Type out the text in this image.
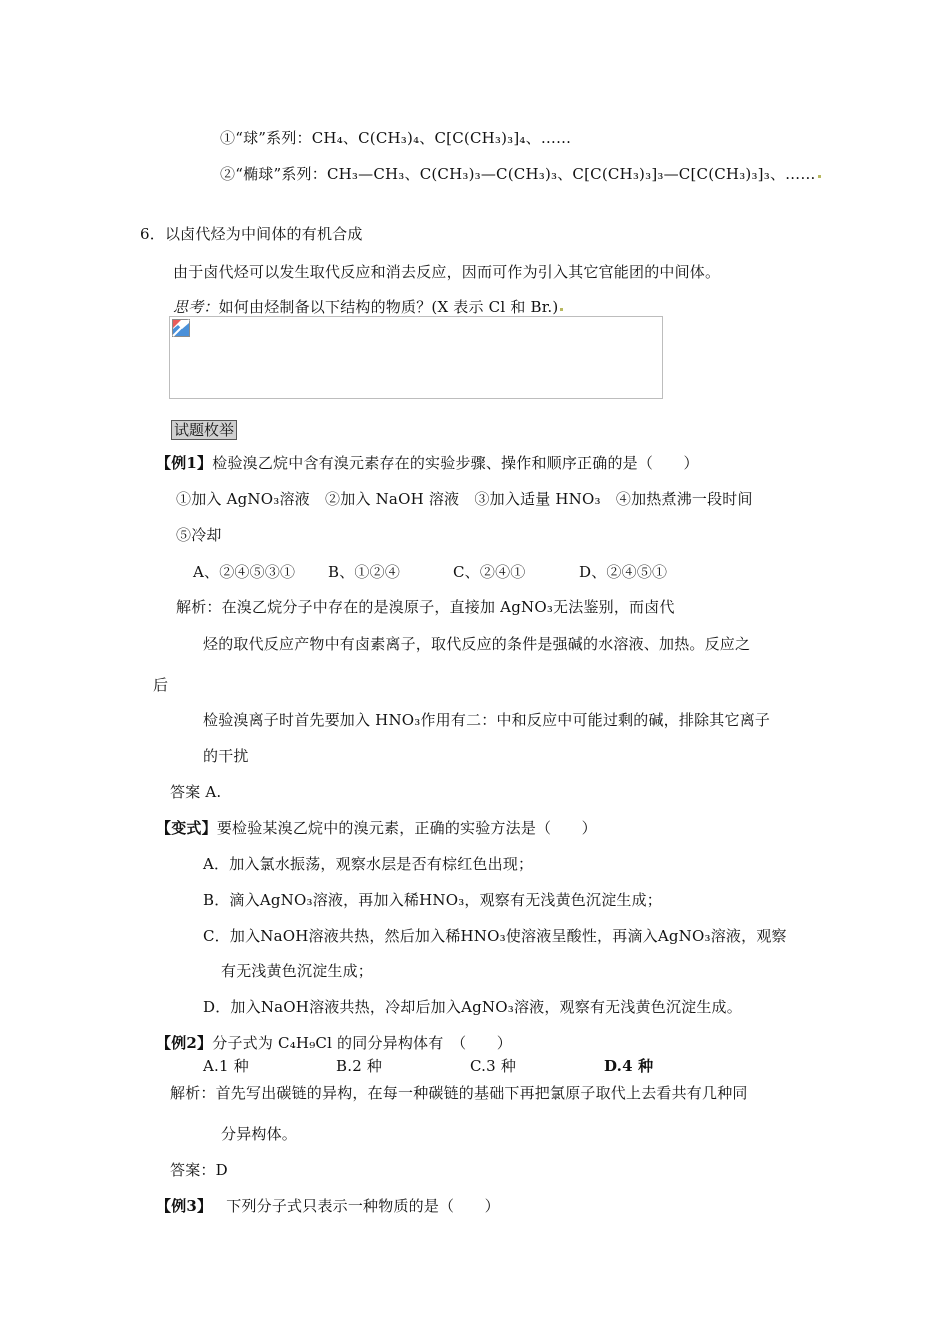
①“球”系列：CH₄、C(CH₃)₄、C[C(CH₃)₃]₄、……
②“椭球”系列：CH₃—CH₃、C(CH₃)₃—C(CH₃)₃、C[C(CH₃)₃]₃—C[C(CH₃)₃]₃、……
6．以卤代烃为中间体的有机合成
由于卤代烃可以发生取代反应和消去反应，因而可作为引入其它官能团的中间体。
思考：如何由烃制备以下结构的物质？(X 表示 Cl 和 Br.)
试题枚举
【例1】检验溴乙烷中含有溴元素存在的实验步骤、操作和顺序正确的是（　　）
①加入 AgNO₃溶液　②加入 NaOH 溶液　③加入适量 HNO₃　④加热煮沸一段时间
⑤冷却
A、②④⑤③① B、①②④	C、②④①	D、②④⑤①
解析：在溴乙烷分子中存在的是溴原子，直接加 AgNO₃无法鉴别，而卤代
烃的取代反应产物中有卤素离子，取代反应的条件是强碱的水溶液、加热。反应之
后
检验溴离子时首先要加入 HNO₃作用有二：中和反应中可能过剩的碱，排除其它离子
的干扰
答案 A.
【变式】要检验某溴乙烷中的溴元素，正确的实验方法是（　　）
A．加入氯水振荡，观察水层是否有棕红色出现；
B．滴入AgNO₃溶液，再加入稀HNO₃，观察有无浅黄色沉淀生成；
C．加入NaOH溶液共热，然后加入稀HNO₃使溶液呈酸性，再滴入AgNO₃溶液，观察
有无浅黄色沉淀生成；
D．加入NaOH溶液共热，冷却后加入AgNO₃溶液，观察有无浅黄色沉淀生成。
【例2】分子式为 C₄H₉Cl 的同分异构体有　（　　）
A.1 种	B.2 种	C.3 种	D.4 种
解析：首先写出碳链的异构，在每一种碳链的基础下再把氯原子取代上去看共有几种同
分异构体。
答案：D
【例3】 下列分子式只表示一种物质的是（　　）
